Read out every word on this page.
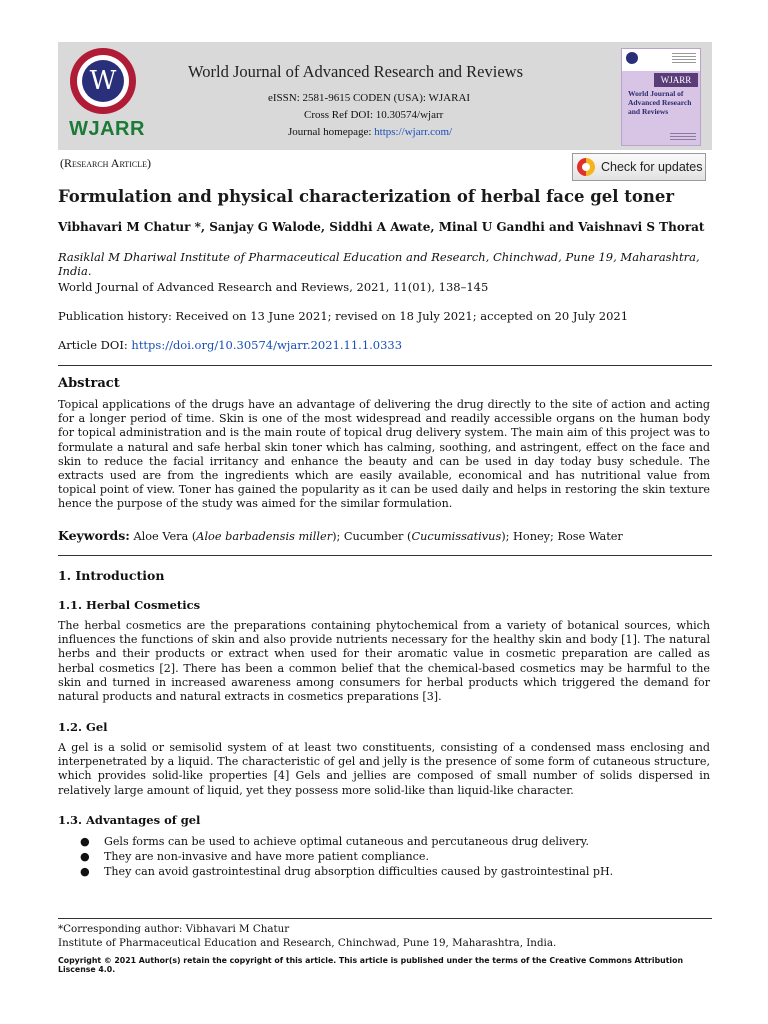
W
WJARR
World Journal of Advanced Research and Reviews
eISSN: 2581-9615 CODEN (USA): WJARAI
Cross Ref DOI: 10.30574/wjarr
Journal homepage: https://wjarr.com/
WJARR
World Journal of Advanced Research and Reviews
(Research Article)	Check for updates
Formulation and physical characterization of herbal face gel toner
Vibhavari M Chatur *, Sanjay G Walode, Siddhi A Awate, Minal U Gandhi and Vaishnavi S Thorat
Rasiklal M Dhariwal Institute of Pharmaceutical Education and Research, Chinchwad, Pune 19, Maharashtra, India.
World Journal of Advanced Research and Reviews, 2021, 11(01), 138–145
Publication history: Received on 13 June 2021; revised on 18 July 2021; accepted on 20 July 2021
Article DOI: https://doi.org/10.30574/wjarr.2021.11.1.0333
Abstract
Topical applications of the drugs have an advantage of delivering the drug directly to the site of action and acting for a longer period of time. Skin is one of the most widespread and readily accessible organs on the human body for topical administration and is the main route of topical drug delivery system. The main aim of this project was to formulate a natural and safe herbal skin toner which has calming, soothing, and astringent, effect on the face and skin to reduce the facial irritancy and enhance the beauty and can be used in day today busy schedule. The extracts used are from the ingredients which are easily available, economical and has nutritional value from topical point of view. Toner has gained the popularity as it can be used daily and helps in restoring the skin texture hence the purpose of the study was aimed for the similar formulation.
Keywords: Aloe Vera (Aloe barbadensis miller); Cucumber (Cucumissativus); Honey; Rose Water
1. Introduction
1.1. Herbal Cosmetics
The herbal cosmetics are the preparations containing phytochemical from a variety of botanical sources, which influences the functions of skin and also provide nutrients necessary for the healthy skin and body [1]. The natural herbs and their products or extract when used for their aromatic value in cosmetic preparation are called as herbal cosmetics [2]. There has been a common belief that the chemical-based cosmetics may be harmful to the skin and turned in increased awareness among consumers for herbal products which triggered the demand for natural products and natural extracts in cosmetics preparations [3].
1.2. Gel
A gel is a solid or semisolid system of at least two constituents, consisting of a condensed mass enclosing and interpenetrated by a liquid. The characteristic of gel and jelly is the presence of some form of cutaneous structure, which provides solid-like properties [4] Gels and jellies are composed of small number of solids dispersed in relatively large amount of liquid, yet they possess more solid-like than liquid-like character.
1.3. Advantages of gel
● Gels forms can be used to achieve optimal cutaneous and percutaneous drug delivery.
● They are non-invasive and have more patient compliance.
● They can avoid gastrointestinal drug absorption difficulties caused by gastrointestinal pH.
*Corresponding author: Vibhavari M Chatur
Institute of Pharmaceutical Education and Research, Chinchwad, Pune 19, Maharashtra, India.
Copyright © 2021 Author(s) retain the copyright of this article. This article is published under the terms of the Creative Commons Attribution Liscense 4.0.
